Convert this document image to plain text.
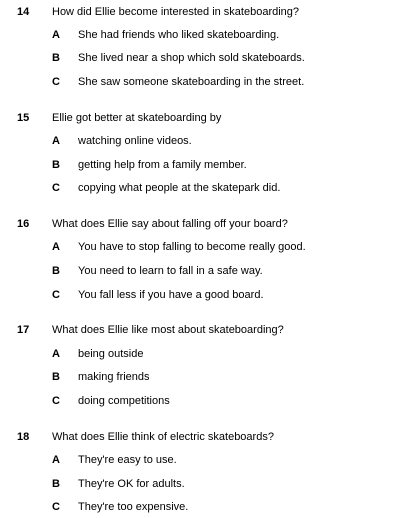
14 How did Ellie become interested in skateboarding?
A She had friends who liked skateboarding.
B She lived near a shop which sold skateboards.
C She saw someone skateboarding in the street.
15 Ellie got better at skateboarding by
A watching online videos.
B getting help from a family member.
C copying what people at the skatepark did.
16 What does Ellie say about falling off your board?
A You have to stop falling to become really good.
B You need to learn to fall in a safe way.
C You fall less if you have a good board.
17 What does Ellie like most about skateboarding?
A being outside
B making friends
C doing competitions
18 What does Ellie think of electric skateboards?
A They're easy to use.
B They're OK for adults.
C They're too expensive.
